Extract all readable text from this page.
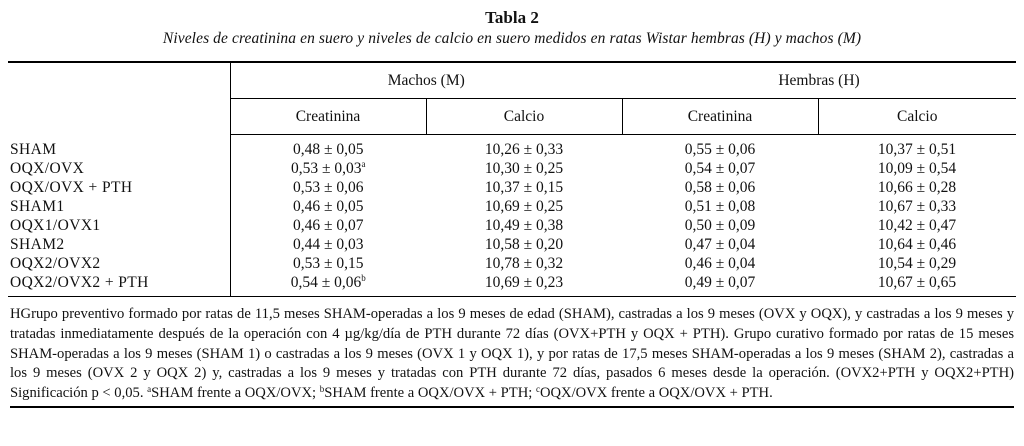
Tabla 2
Niveles de creatinina en suero y niveles de calcio en suero medidos en ratas Wistar hembras (H) y machos (M)
	Machos (M)		Hembras (H)	
	Creatinina	Calcio	Creatinina	Calcio
SHAM	0,48 ± 0,05	10,26 ± 0,33	0,55 ± 0,06	10,37 ± 0,51
OQX/OVX	0,53 ± 0,03$^a$	10,30 ± 0,25	0,54 ± 0,07	10,09 ± 0,54
OQX/OVX + PTH	0,53 ± 0,06	10,37 ± 0,15	0,58 ± 0,06	10,66 ± 0,28
SHAM1	0,46 ± 0,05	10,69 ± 0,25	0,51 ± 0,08	10,67 ± 0,33
OQX1/OVX1	0,46 ± 0,07	10,49 ± 0,38	0,50 ± 0,09	10,42 ± 0,47
SHAM2	0,44 ± 0,03	10,58 ± 0,20	0,47 ± 0,04	10,64 ± 0,46
OQX2/OVX2	0,53 ± 0,15	10,78 ± 0,32	0,46 ± 0,04	10,54 ± 0,29
OQX2/OVX2 + PTH	0,54 ± 0,06$^b$	10,69 ± 0,23	0,49 ± 0,07	10,67 ± 0,65
HGrupo preventivo formado por ratas de 11,5 meses SHAM-operadas a los 9 meses de edad (SHAM), castradas a los 9 meses (OVX y OQX), y castradas a los 9 meses y tratadas inmediatamente después de la operación con 4 µg/kg/día de PTH durante 72 días (OVX+PTH y OQX + PTH). Grupo curativo formado por ratas de 15 meses SHAM-operadas a los 9 meses (SHAM 1) o castradas a los 9 meses (OVX 1 y OQX 1), y por ratas de 17,5 meses SHAM-operadas a los 9 meses (SHAM 2), castradas a los 9 meses (OVX 2 y OQX 2) y, castradas a los 9 meses y tratadas con PTH durante 72 días, pasados 6 meses desde la operación. (OVX2+PTH y OQX2+PTH) Significación p < 0,05. $^a$SHAM frente a OQX/OVX; $^b$SHAM frente a OQX/OVX + PTH; $^c$OQX/OVX frente a OQX/OVX + PTH.
